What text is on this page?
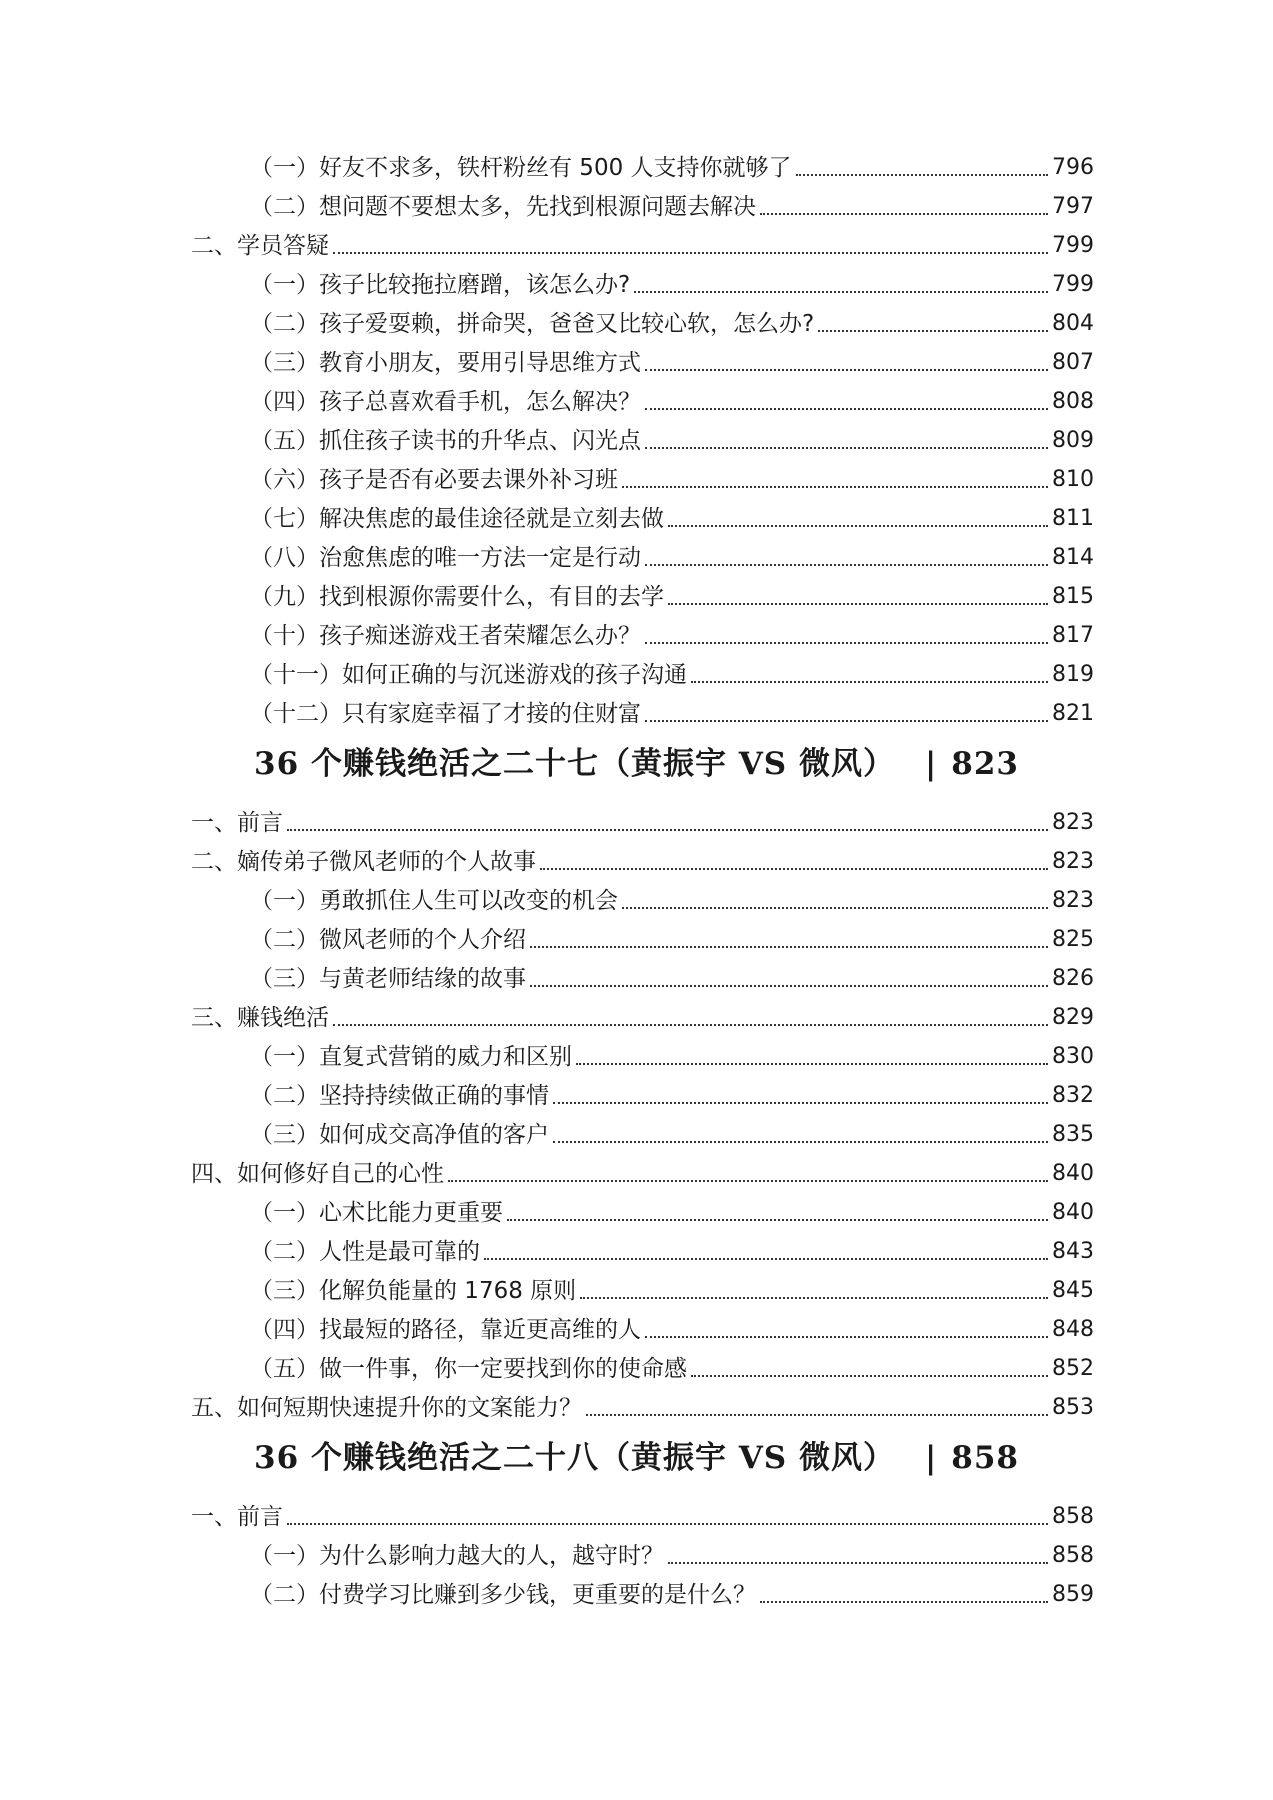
（一）好友不求多，铁杆粉丝有 500 人支持你就够了	796
（二）想问题不要想太多，先找到根源问题去解决	797
二、学员答疑	799
（一）孩子比较拖拉磨蹭，该怎么办?	799
（二）孩子爱耍赖，拼命哭，爸爸又比较心软，怎么办?	804
（三）教育小朋友，要用引导思维方式	807
（四）孩子总喜欢看手机，怎么解决？	808
（五）抓住孩子读书的升华点、闪光点	809
（六）孩子是否有必要去课外补习班	810
（七）解决焦虑的最佳途径就是立刻去做	811
（八）治愈焦虑的唯一方法一定是行动	814
（九）找到根源你需要什么，有目的去学	815
（十）孩子痴迷游戏王者荣耀怎么办？	817
（十一）如何正确的与沉迷游戏的孩子沟通	819
（十二）只有家庭幸福了才接的住财富	821
36 个赚钱绝活之二十七（黄振宇 VS 微风） | 823
一、前言	823
二、嫡传弟子微风老师的个人故事	823
（一）勇敢抓住人生可以改变的机会	823
（二）微风老师的个人介绍	825
（三）与黄老师结缘的故事	826
三、赚钱绝活	829
（一）直复式营销的威力和区别	830
（二）坚持持续做正确的事情	832
（三）如何成交高净值的客户	835
四、如何修好自己的心性	840
（一）心术比能力更重要	840
（二）人性是最可靠的	843
（三）化解负能量的 1768 原则	845
（四）找最短的路径，靠近更高维的人	848
（五）做一件事，你一定要找到你的使命感	852
五、如何短期快速提升你的文案能力？	853
36 个赚钱绝活之二十八（黄振宇 VS 微风） | 858
一、前言	858
（一）为什么影响力越大的人，越守时？	858
（二）付费学习比赚到多少钱，更重要的是什么？	859
